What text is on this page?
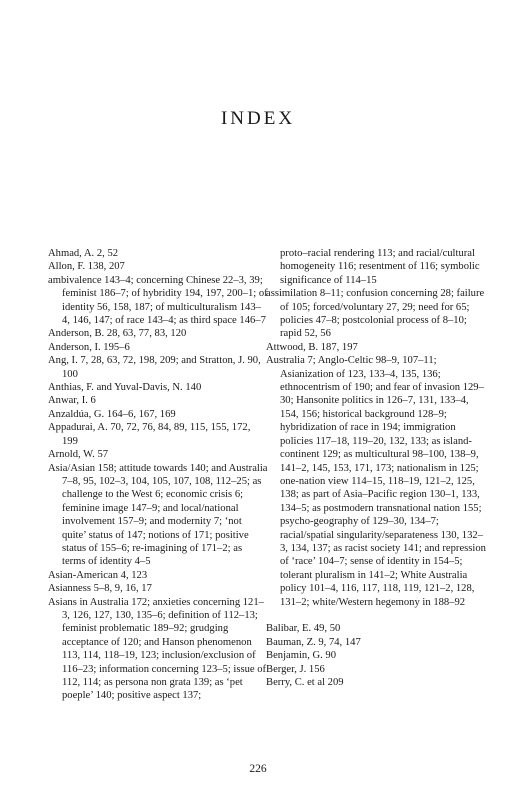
INDEX
Ahmad, A. 2, 52
Allon, F. 138, 207
ambivalence 143–4; concerning Chinese 22–3, 39; feminist 186–7; of hybridity 194, 197, 200–1; of identity 56, 158, 187; of multiculturalism 143–4, 146, 147; of race 143–4; as third space 146–7
Anderson, B. 28, 63, 77, 83, 120
Anderson, I. 195–6
Ang, I. 7, 28, 63, 72, 198, 209; and Stratton, J. 90, 100
Anthias, F. and Yuval-Davis, N. 140
Anwar, I. 6
Anzaldúa, G. 164–6, 167, 169
Appadurai, A. 70, 72, 76, 84, 89, 115, 155, 172, 199
Arnold, W. 57
Asia/Asian 158; attitude towards 140; and Australia 7–8, 95, 102–3, 104, 105, 107, 108, 112–25; as challenge to the West 6; economic crisis 6; feminine image 147–9; and local/national involvement 157–9; and modernity 7; ‘not quite’ status of 147; notions of 171; positive status of 155–6; re-imagining of 171–2; as terms of identity 4–5
Asian-American 4, 123
Asianness 5–8, 9, 16, 17
Asians in Australia 172; anxieties concerning 121–3, 126, 127, 130, 135–6; definition of 112–13; feminist problematic 189–92; grudging acceptance of 120; and Hanson phenomenon 113, 114, 118–19, 123; inclusion/exclusion of 116–23; information concerning 123–5; issue of 112, 114; as persona non grata 139; as ‘pet poeple’ 140; positive aspect 137;
proto–racial rendering 113; and racial/cultural homogeneity 116; resentment of 116; symbolic significance of 114–15
assimilation 8–11; confusion concerning 28; failure of 105; forced/voluntary 27, 29; need for 65; policies 47–8; postcolonial process of 8–10; rapid 52, 56
Attwood, B. 187, 197
Australia 7; Anglo-Celtic 98–9, 107–11; Asianization of 123, 133–4, 135, 136; ethnocentrism of 190; and fear of invasion 129–30; Hansonite politics in 126–7, 131, 133–4, 154, 156; historical background 128–9; hybridization of race in 194; immigration policies 117–18, 119–20, 132, 133; as island-continent 129; as multicultural 98–100, 138–9, 141–2, 145, 153, 171, 173; nationalism in 125; one-nation view 114–15, 118–19, 121–2, 125, 138; as part of Asia–Pacific region 130–1, 133, 134–5; as postmodern transnational nation 155; psycho-geography of 129–30, 134–7; racial/spatial singularity/separateness 130, 132–3, 134, 137; as racist society 141; and repression of ‘race’ 104–7; sense of identity in 154–5; tolerant pluralism in 141–2; White Australia policy 101–4, 116, 117, 118, 119, 121–2, 128, 131–2; white/Western hegemony in 188–92
Balibar, E. 49, 50
Bauman, Z. 9, 74, 147
Benjamin, G. 90
Berger, J. 156
Berry, C. et al 209
226
